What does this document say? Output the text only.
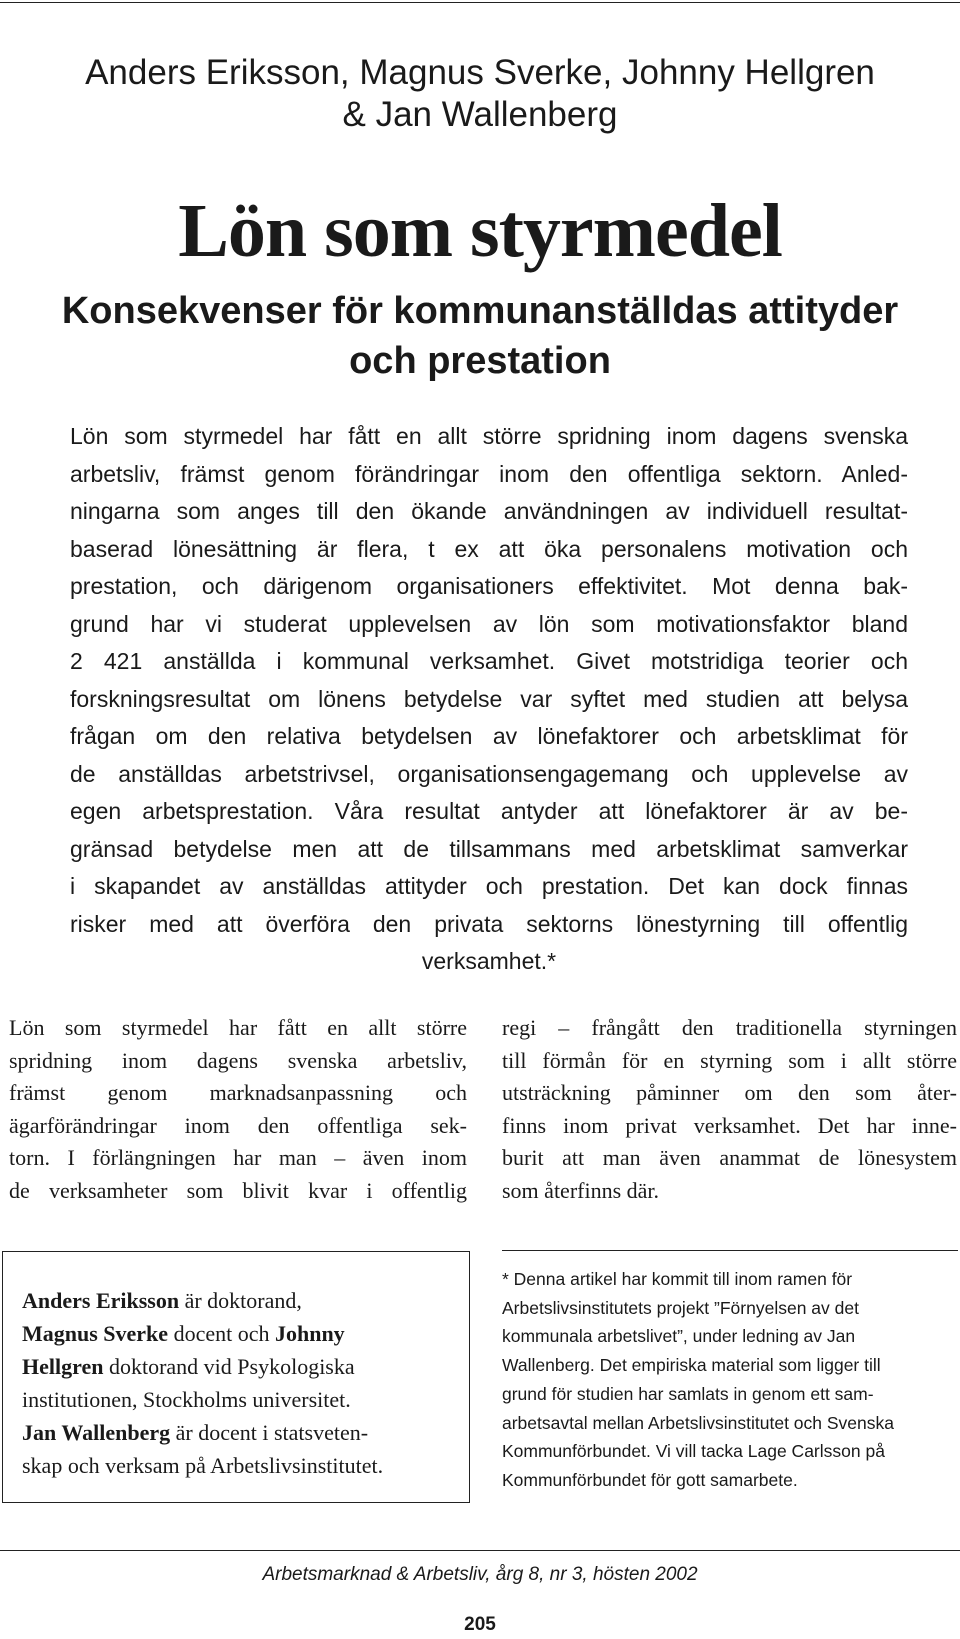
Anders Eriksson, Magnus Sverke, Johnny Hellgren
& Jan Wallenberg
Lön som styrmedel
Konsekvenser för kommunanställdas attityder
och prestation
Lön som styrmedel har fått en allt större spridning inom dagens svenska
arbetsliv, främst genom förändringar inom den offentliga sektorn. Anled-
ningarna som anges till den ökande användningen av individuell resultat-
baserad lönesättning är flera, t ex att öka personalens motivation och
prestation, och därigenom organisationers effektivitet. Mot denna bak-
grund har vi studerat upplevelsen av lön som motivationsfaktor bland
2 421 anställda i kommunal verksamhet. Givet motstridiga teorier och
forskningsresultat om lönens betydelse var syftet med studien att belysa
frågan om den relativa betydelsen av lönefaktorer och arbetsklimat för
de anställdas arbetstrivsel, organisationsengagemang och upplevelse av
egen arbetsprestation. Våra resultat antyder att lönefaktorer är av be-
gränsad betydelse men att de tillsammans med arbetsklimat samverkar
i skapandet av anställdas attityder och prestation. Det kan dock finnas
risker med att överföra den privata sektorns lönestyrning till offentlig
verksamhet.*
Lön som styrmedel har fått en allt större
spridning inom dagens svenska arbetsliv,
främst genom marknadsanpassning och
ägarförändringar inom den offentliga sek-
torn. I förlängningen har man – även inom
de verksamheter som blivit kvar i offentlig
regi – frångått den traditionella styrningen
till förmån för en styrning som i allt större
utsträckning påminner om den som åter-
finns inom privat verksamhet. Det har inne-
burit att man även anammat de lönesystem
som återfinns där.
Anders Eriksson är doktorand,
Magnus Sverke docent och Johnny
Hellgren doktorand vid Psykologiska
institutionen, Stockholms universitet.
Jan Wallenberg är docent i statsveten-
skap och verksam på Arbetslivsinstitutet.
* Denna artikel har kommit till inom ramen för
Arbetslivsinstitutets projekt ”Förnyelsen av det
kommunala arbetslivet”, under ledning av Jan
Wallenberg. Det empiriska material som ligger till
grund för studien har samlats in genom ett sam-
arbetsavtal mellan Arbetslivsinstitutet och Svenska
Kommunförbundet. Vi vill tacka Lage Carlsson på
Kommunförbundet för gott samarbete.
Arbetsmarknad & Arbetsliv, årg 8, nr 3, hösten 2002
205
